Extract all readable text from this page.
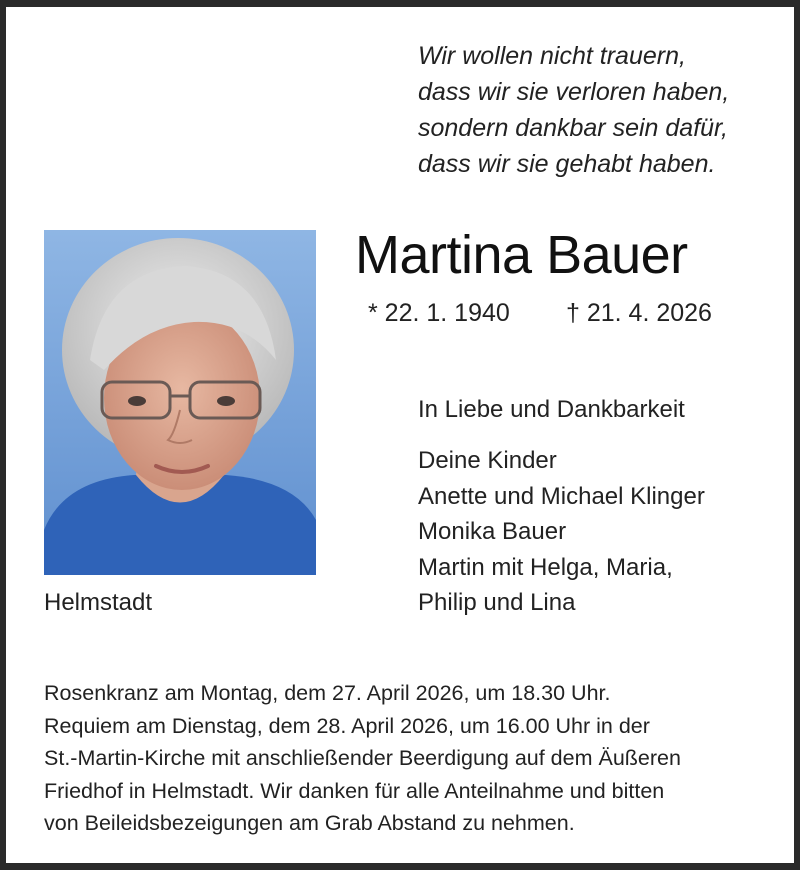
Wir wollen nicht trauern,
dass wir sie verloren haben,
sondern dankbar sein dafür,
dass wir sie gehabt haben.
Martina Bauer
* 22. 1. 1940 † 21. 4. 2026
Helmstadt
In Liebe und Dankbarkeit
Deine Kinder
Anette und Michael Klinger
Monika Bauer
Martin mit Helga, Maria,
Philip und Lina
Rosenkranz am Montag, dem 27. April 2026, um 18.30 Uhr.
Requiem am Dienstag, dem 28. April 2026, um 16.00 Uhr in der
St.-Martin-Kirche mit anschließender Beerdigung auf dem Äußeren
Friedhof in Helmstadt. Wir danken für alle Anteilnahme und bitten
von Beileidsbezeigungen am Grab Abstand zu nehmen.
